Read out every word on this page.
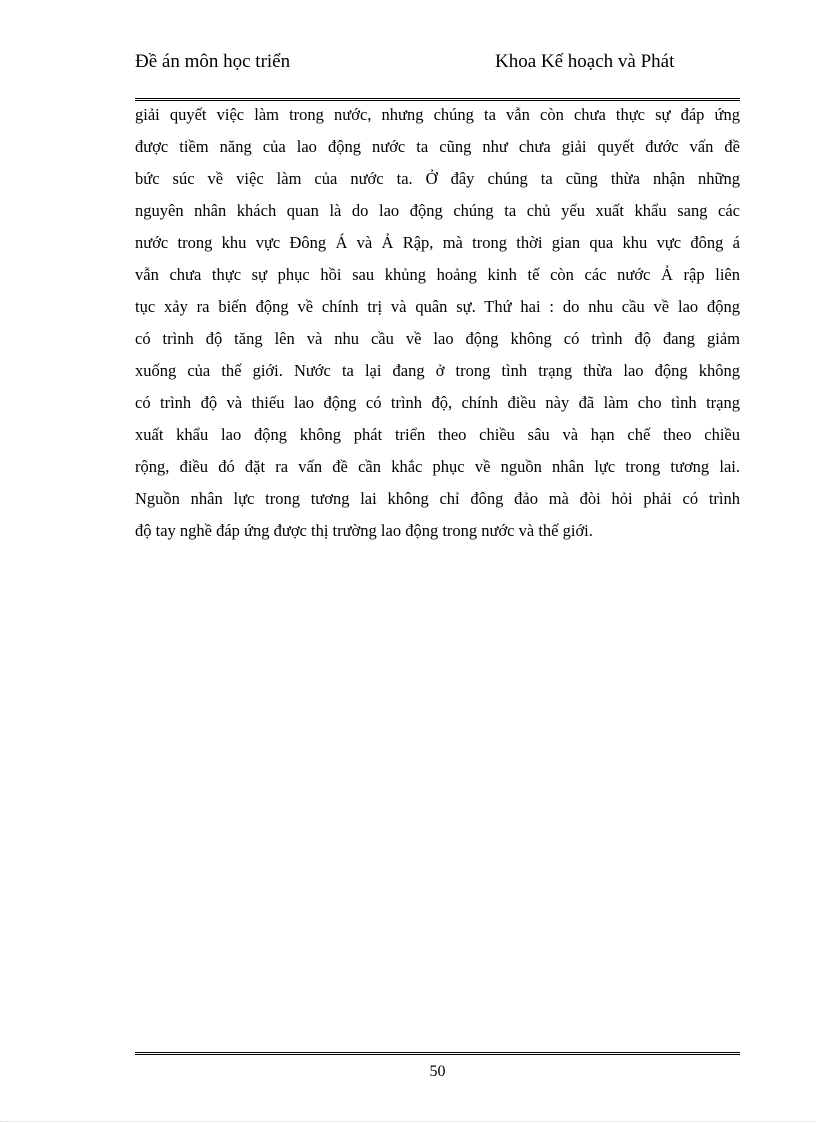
Đề án môn học triển	Khoa Kế hoạch và Phát
giải quyết việc làm trong nước, nhưng chúng ta vẫn còn chưa thực sự đáp ứng
được tiềm năng của lao động nước ta cũng như chưa giải quyết đước vấn đề
bức súc về việc làm của nước ta. Ở đây chúng ta cũng thừa nhận những
nguyên nhân khách quan là do lao động chúng ta chủ yếu xuất khẩu sang các
nước trong khu vực Đông Á và Ả Rập, mà trong thời gian qua khu vực đông á
vẫn chưa thực sự phục hồi sau khủng hoảng kinh tế còn các nước Ả rập liên
tục xảy ra biến động về chính trị và quân sự. Thứ hai : do nhu cầu về lao động
có trình độ tăng lên và nhu cầu về lao động không có trình độ đang giảm
xuống của thế giới. Nước ta lại đang ở trong tình trạng thừa lao động không
có trình độ và thiếu lao động có trình độ, chính điều này đã làm cho tình trạng
xuất khẩu lao động không phát triển theo chiều sâu và hạn chế theo chiều
rộng, điều đó đặt ra vấn đề cần khắc phục về nguồn nhân lực trong tương lai.
Nguồn nhân lực trong tương lai không chỉ đông đảo mà đòi hỏi phải có trình
độ tay nghề đáp ứng được thị trường lao động trong nước và thế giới.
50
